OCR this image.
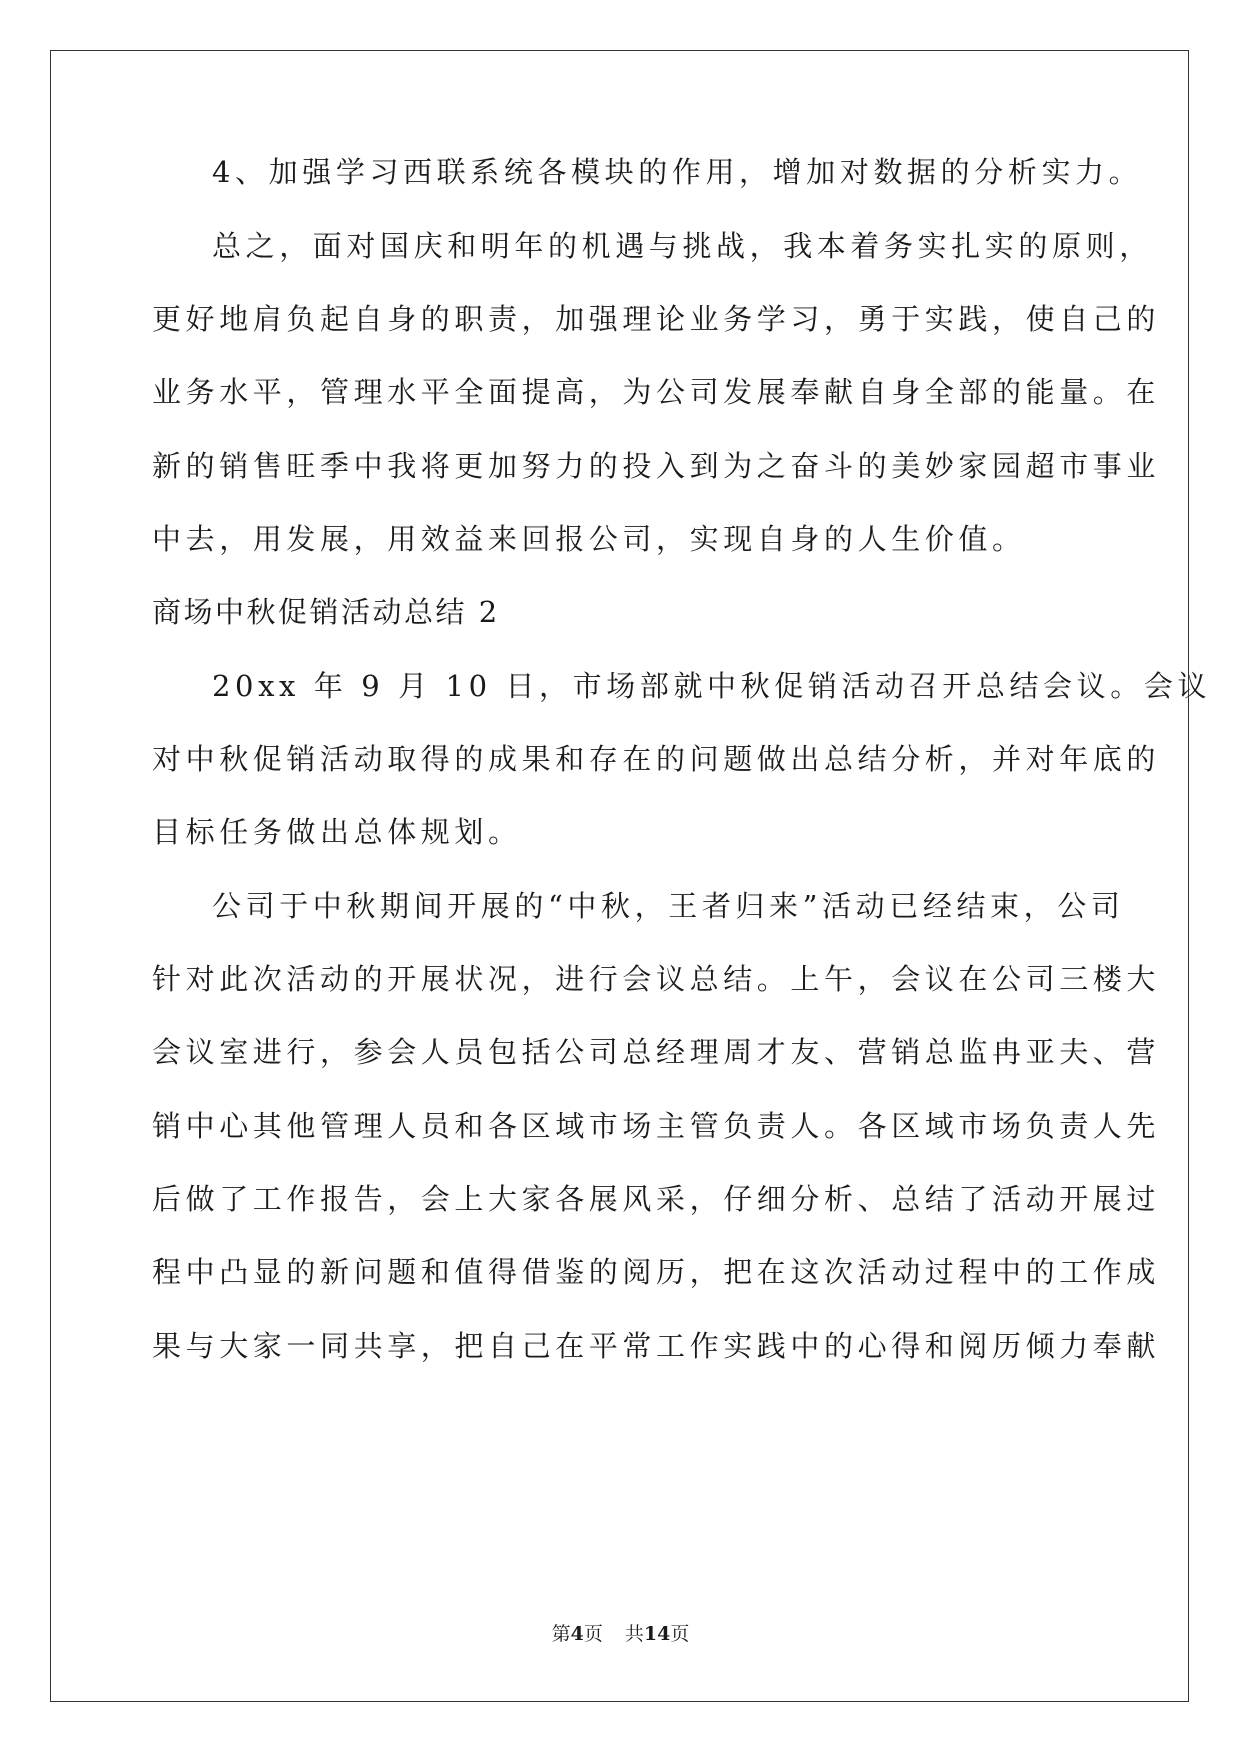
4、加强学习西联系统各模块的作用，增加对数据的分析实力。
总之，面对国庆和明年的机遇与挑战，我本着务实扎实的原则，
更好地肩负起自身的职责，加强理论业务学习，勇于实践，使自己的
业务水平，管理水平全面提高，为公司发展奉献自身全部的能量。在
新的销售旺季中我将更加努力的投入到为之奋斗的美妙家园超市事业
中去，用发展，用效益来回报公司，实现自身的人生价值。
商场中秋促销活动总结 2
20xx 年 9 月 10 日，市场部就中秋促销活动召开总结会议。会议
对中秋促销活动取得的成果和存在的问题做出总结分析，并对年底的
目标任务做出总体规划。
公司于中秋期间开展的“中秋，王者归来”活动已经结束，公司
针对此次活动的开展状况，进行会议总结。上午，会议在公司三楼大
会议室进行，参会人员包括公司总经理周才友、营销总监冉亚夫、营
销中心其他管理人员和各区域市场主管负责人。各区域市场负责人先
后做了工作报告，会上大家各展风采，仔细分析、总结了活动开展过
程中凸显的新问题和值得借鉴的阅历，把在这次活动过程中的工作成
果与大家一同共享，把自己在平常工作实践中的心得和阅历倾力奉献
第4页 共14页
